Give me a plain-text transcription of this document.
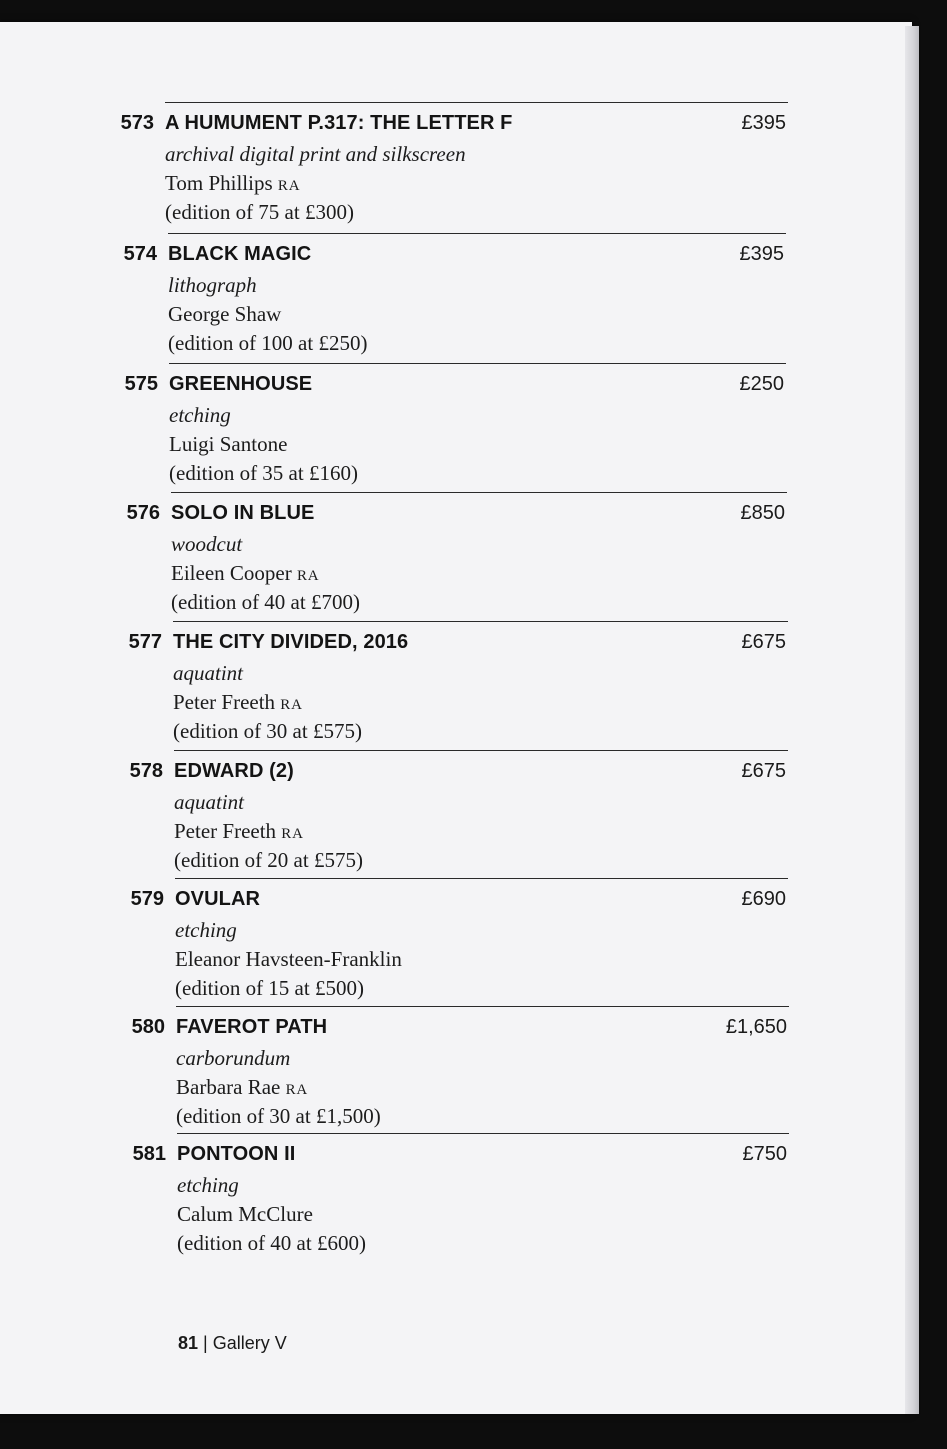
573 A HUMUMENT P.317: THE LETTER F	£395
archival digital print and silkscreen
Tom Phillips RA
(edition of 75 at £300)
574 BLACK MAGIC	£395
lithograph
George Shaw
(edition of 100 at £250)
575 GREENHOUSE	£250
etching
Luigi Santone
(edition of 35 at £160)
576 SOLO IN BLUE	£850
woodcut
Eileen Cooper RA
(edition of 40 at £700)
577 THE CITY DIVIDED, 2016	£675
aquatint
Peter Freeth RA
(edition of 30 at £575)
578 EDWARD (2)	£675
aquatint
Peter Freeth RA
(edition of 20 at £575)
579 OVULAR	£690
etching
Eleanor Havsteen-Franklin
(edition of 15 at £500)
580 FAVEROT PATH	£1,650
carborundum
Barbara Rae RA
(edition of 30 at £1,500)
581 PONTOON II	£750
etching
Calum McClure
(edition of 40 at £600)
81 | Gallery V
